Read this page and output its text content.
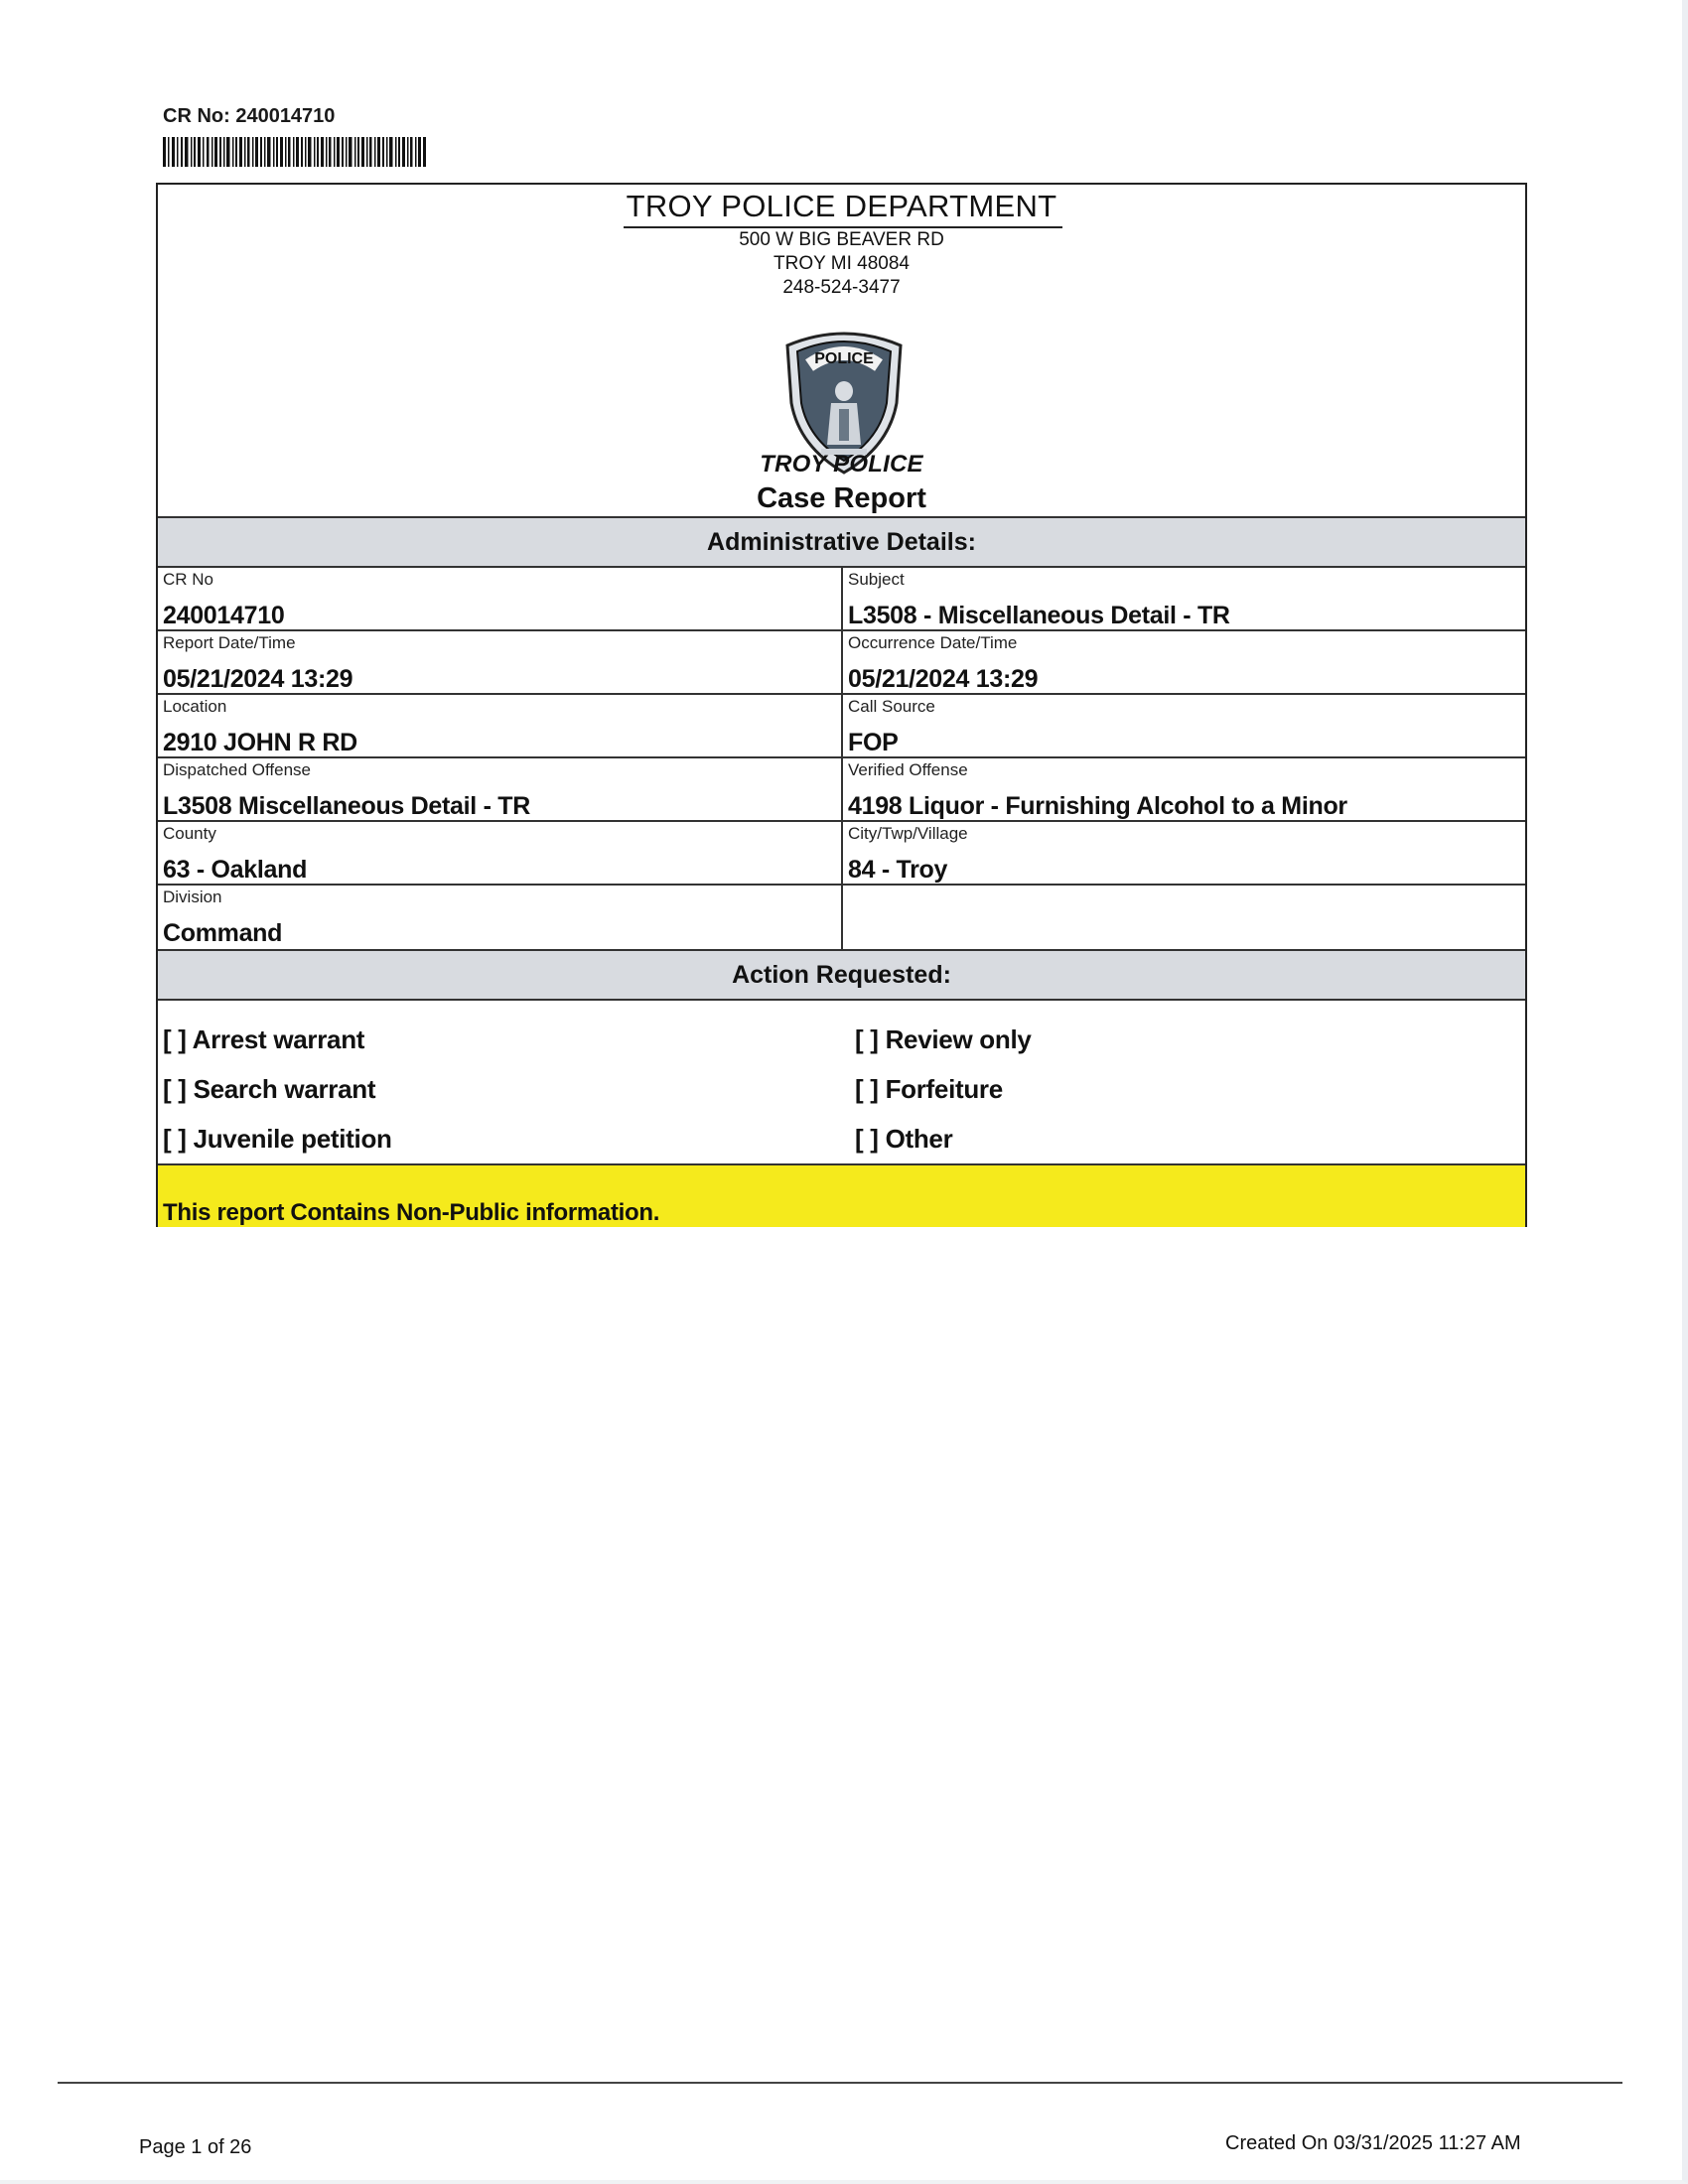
CR No: 240014710
TROY POLICE DEPARTMENT
500 W BIG BEAVER RD
TROY MI 48084
248-524-3477
POLICE
TROY POLICE
Case Report
Administrative Details:
CR No
240014710
Subject
L3508 - Miscellaneous Detail - TR
Report Date/Time
05/21/2024 13:29
Occurrence Date/Time
05/21/2024 13:29
Location
2910 JOHN R RD
Call Source
FOP
Dispatched Offense
L3508 Miscellaneous Detail - TR
Verified Offense
4198 Liquor - Furnishing Alcohol to a Minor
County
63 - Oakland
City/Twp/Village
84 - Troy
Division
Command
Action Requested:
[ ] Arrest warrant
[ ] Search warrant
[ ] Juvenile petition
[ ] Review only
[ ] Forfeiture
[ ] Other
This report Contains Non-Public information.
Page 1 of 26	Created On 03/31/2025 11:27 AM
